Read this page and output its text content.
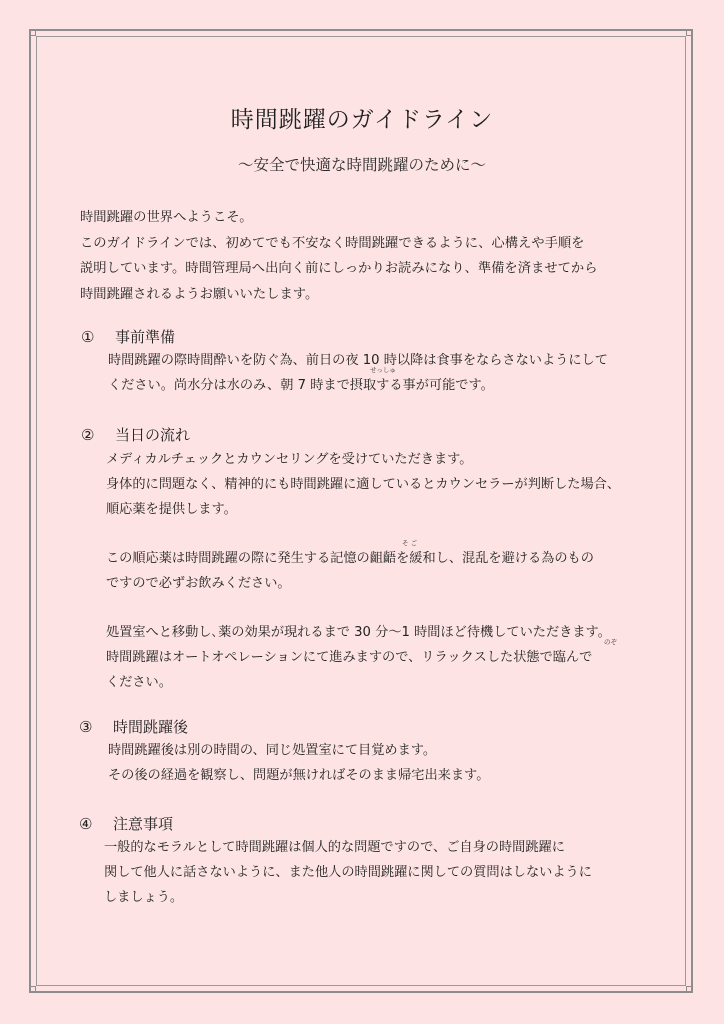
時間跳躍のガイドライン

〜安全で快適な時間跳躍のために〜

時間跳躍の世界へようこそ。
このガイドラインでは、初めてでも不安なく時間跳躍できるように、心構えや手順を
説明しています。時間管理局へ出向く前にしっかりお読みになり、準備を済ませてから
時間跳躍されるようお願いいたします。

① 事前準備
時間跳躍の際時間酔いを防ぐ為、前日の夜 10 時以降は食事をならさないようにして
ください。尚水分は水のみ、朝 7 時まで摂取する事が可能です。
せっしゅ
② 当日の流れ
メディカルチェックとカウンセリングを受けていただきます。
身体的に問題なく、精神的にも時間跳躍に適しているとカウンセラーが判断した場合、
順応薬を提供します。
この順応薬は時間跳躍の際に発生する記憶の齟齬を緩和し、混乱を避ける為のもの
そ ご
ですので必ずお飲みください。
処置室へと移動し､薬の効果が現れるまで 30 分〜1 時間ほど待機していただきます。
時間跳躍はオートオペレーションにて進みますので、リラックスした状態で臨んで
のぞ
ください。
③ 時間跳躍後
時間跳躍後は別の時間の、同じ処置室にて目覚めます。
その後の経過を観察し、問題が無ければそのまま帰宅出来ます。
④ 注意事項
一般的なモラルとして時間跳躍は個人的な問題ですので、ご自身の時間跳躍に
関して他人に話さないように、また他人の時間跳躍に関しての質問はしないように
しましょう。
